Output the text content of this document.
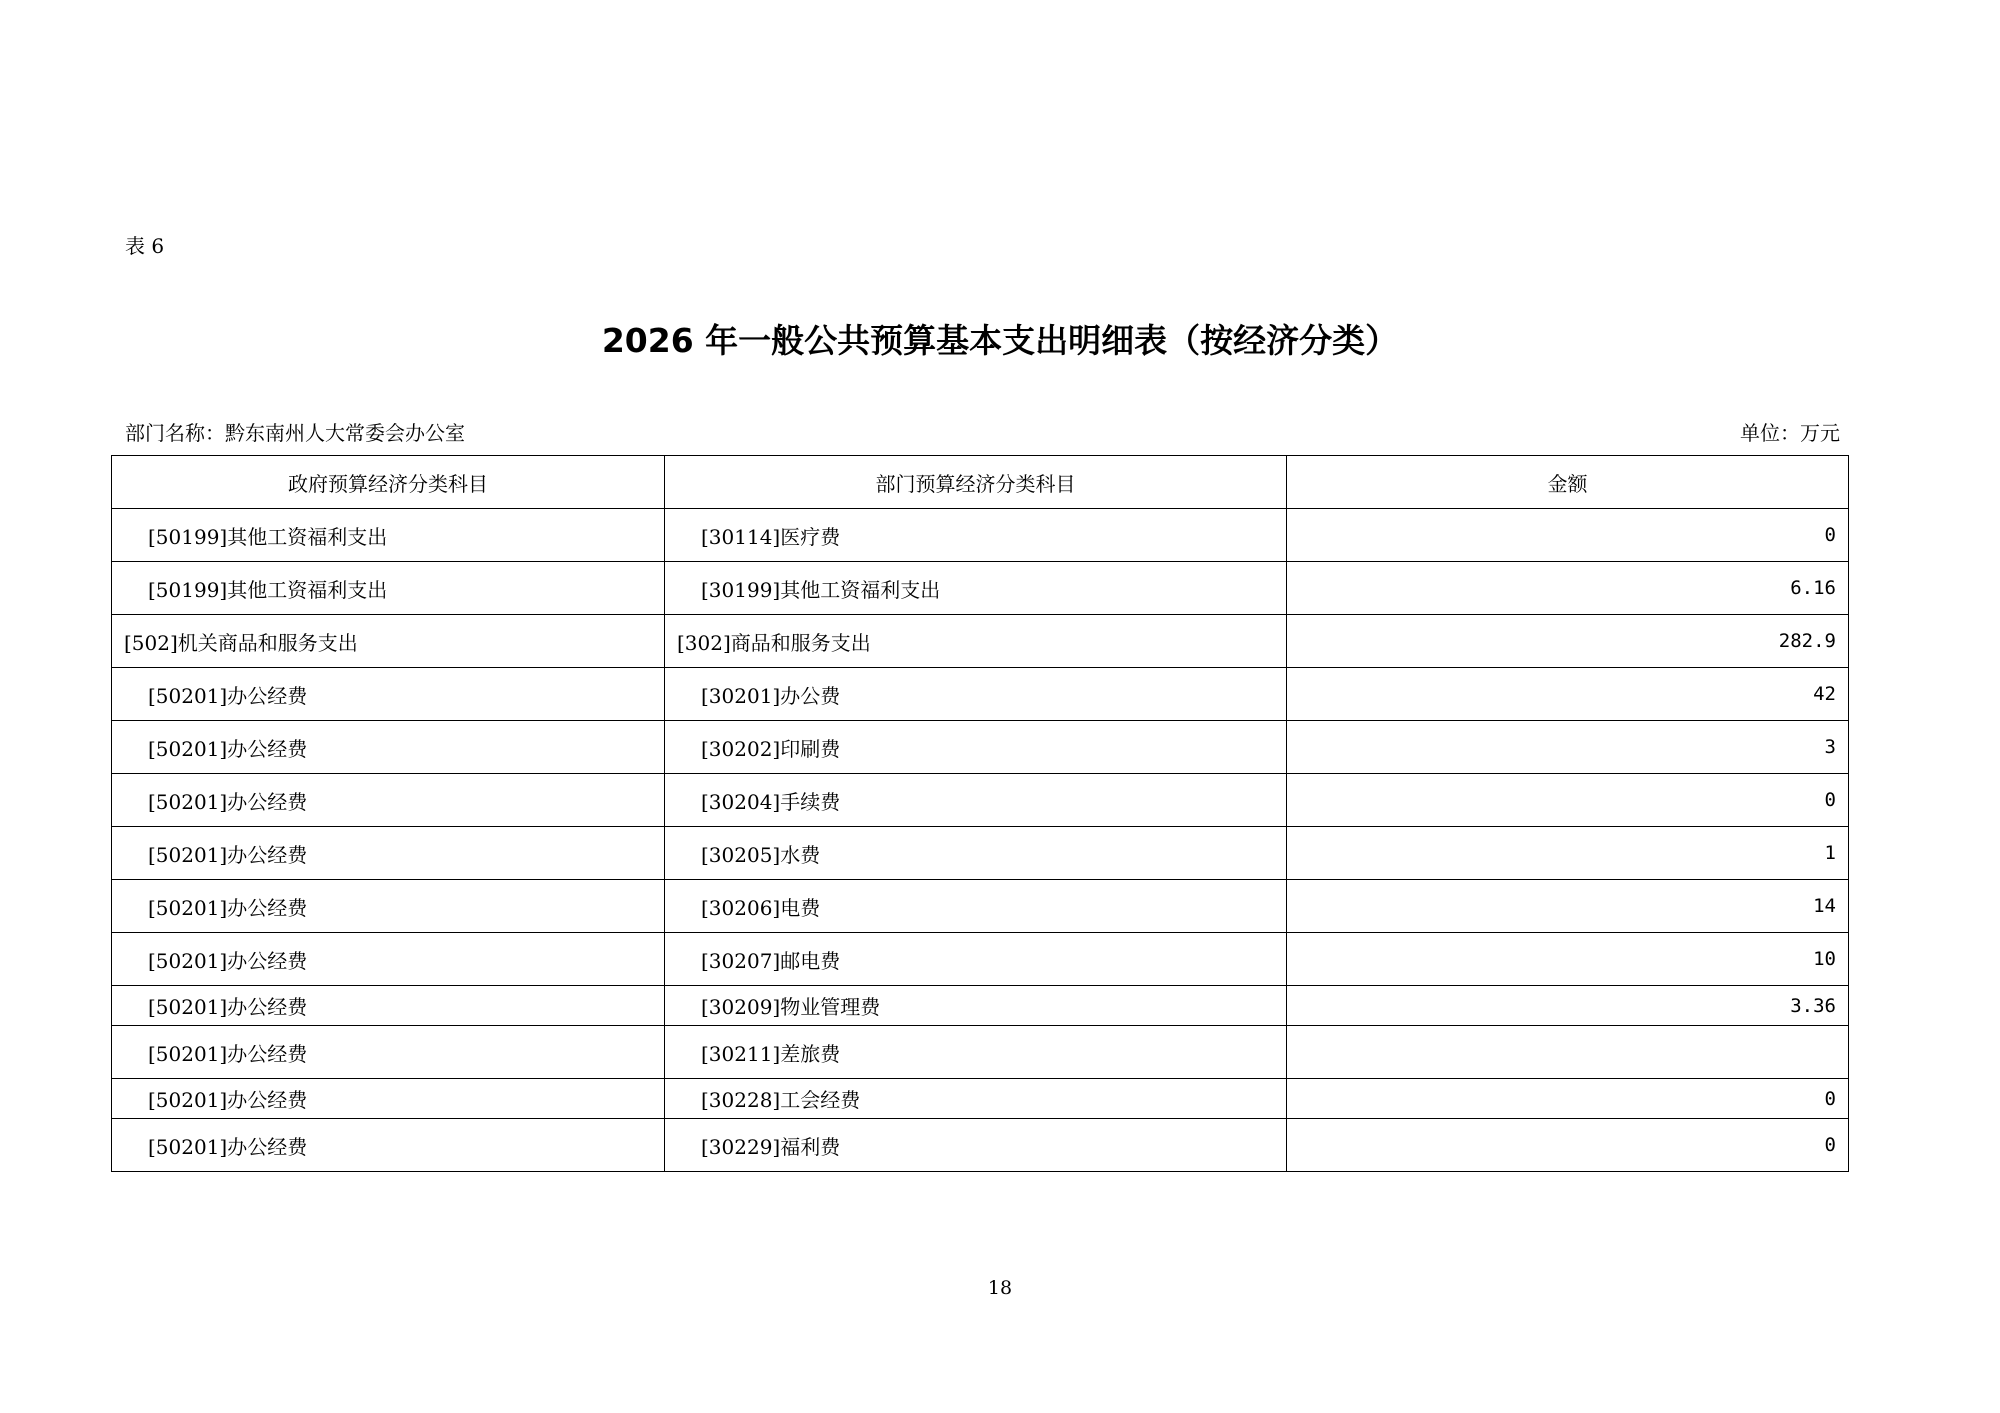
表 6
2026 年一般公共预算基本支出明细表（按经济分类）
部门名称：黔东南州人大常委会办公室	单位：万元
政府预算经济分类科目	部门预算经济分类科目	金额
[50199]其他工资福利支出	[30114]医疗费	0
[50199]其他工资福利支出	[30199]其他工资福利支出	6.16
[502]机关商品和服务支出	[302]商品和服务支出	282.9
[50201]办公经费	[30201]办公费	42
[50201]办公经费	[30202]印刷费	3
[50201]办公经费	[30204]手续费	0
[50201]办公经费	[30205]水费	1
[50201]办公经费	[30206]电费	14
[50201]办公经费	[30207]邮电费	10
[50201]办公经费	[30209]物业管理费	3.36
[50201]办公经费	[30211]差旅费	
[50201]办公经费	[30228]工会经费	0
[50201]办公经费	[30229]福利费	0
18
